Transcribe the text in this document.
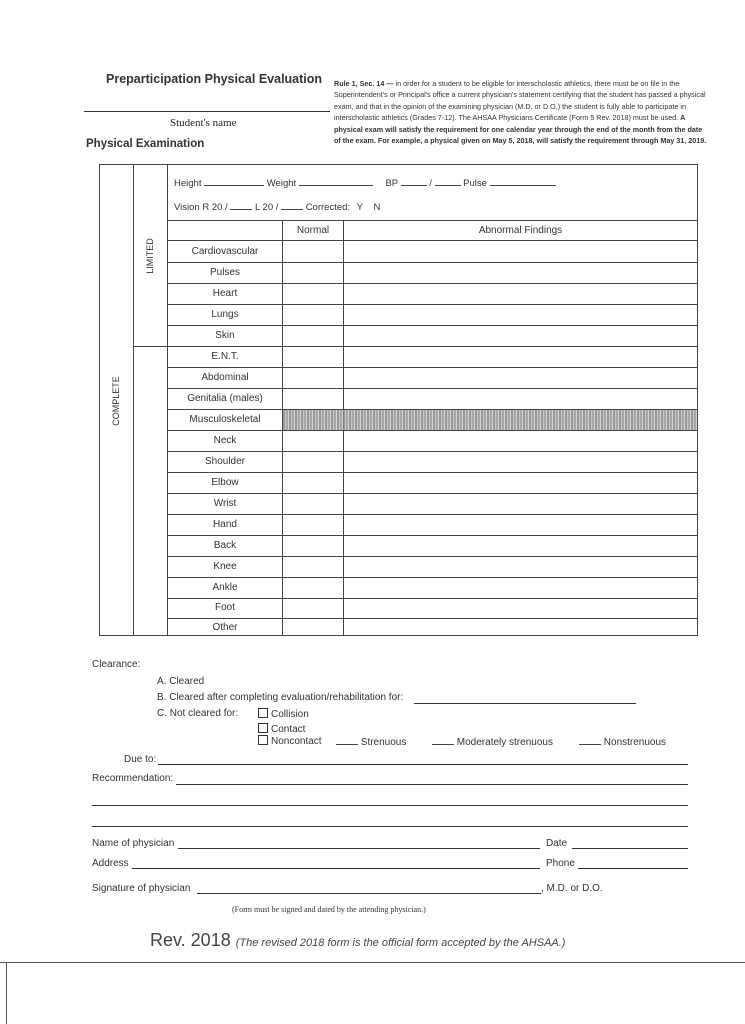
Preparticipation Physical Evaluation
Student's name
Physical Examination
Rule 1, Sec. 14 — in order for a student to be eligible for interscholastic athletics, there must be on file in the Superintendent's or Principal's office a current physician's statement certifying that the student has passed a physical exam, and that in the opinion of the examining physician (M.D. or D.O.) the student is fully able to participate in interscholastic athletics (Grades 7-12). The AHSAA Physicians Certificate (Form 5 Rev. 2018) must be used. A physical exam will satisfy the requirement for one calendar year through the end of the month from the date of the exam. For example, a physical given on May 5, 2018, will satisfy the requirement through May 31, 2019.
Height	Weight	BP	/	Pulse
Vision R 20 /	L 20 /	Corrected: Y N
Normal	Abnormal Findings
LIMITED
COMPLETE
Cardiovascular
Pulses
Heart
Lungs
Skin
E.N.T.
Abdominal
Genitalia (males)
Musculoskeletal
Neck
Shoulder
Elbow
Wrist
Hand
Back
Knee
Ankle
Foot
Other
Clearance:
A. Cleared
B. Cleared after completing evaluation/rehabilitation for:
C. Not cleared for:	Collision
Contact
Noncontact	Strenuous	Moderately strenuous	Nonstrenuous
Due to:
Recommendation:
Name of physician	Date
Address	Phone
Signature of physician	, M.D. or D.O.
(Form must be signed and dated by the attending physician.)
Rev. 2018 (The revised 2018 form is the official form accepted by the AHSAA.)
